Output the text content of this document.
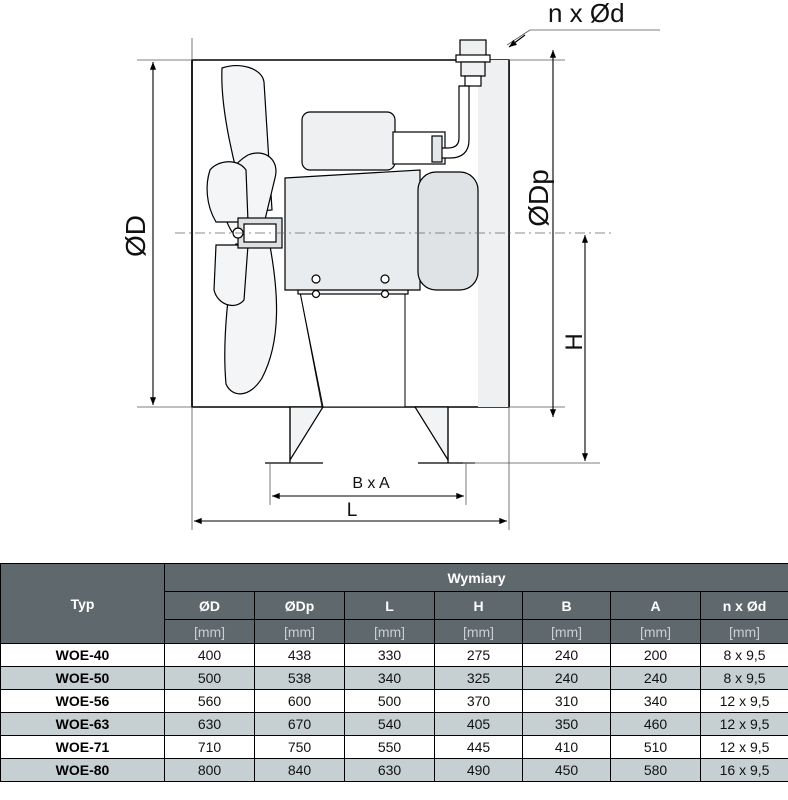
n x Ød
ØD
ØDp
H
B x A
L
Typ	Wymiary						
	ØD	ØDp	L	H	B	A	n x Ød
	[mm]	[mm]	[mm]	[mm]	[mm]	[mm]	[mm]
WOE-40	400	438	330	275	240	200	8 x 9,5
WOE-50	500	538	340	325	240	240	8 x 9,5
WOE-56	560	600	500	370	310	340	12 x 9,5
WOE-63	630	670	540	405	350	460	12 x 9,5
WOE-71	710	750	550	445	410	510	12 x 9,5
WOE-80	800	840	630	490	450	580	16 x 9,5
